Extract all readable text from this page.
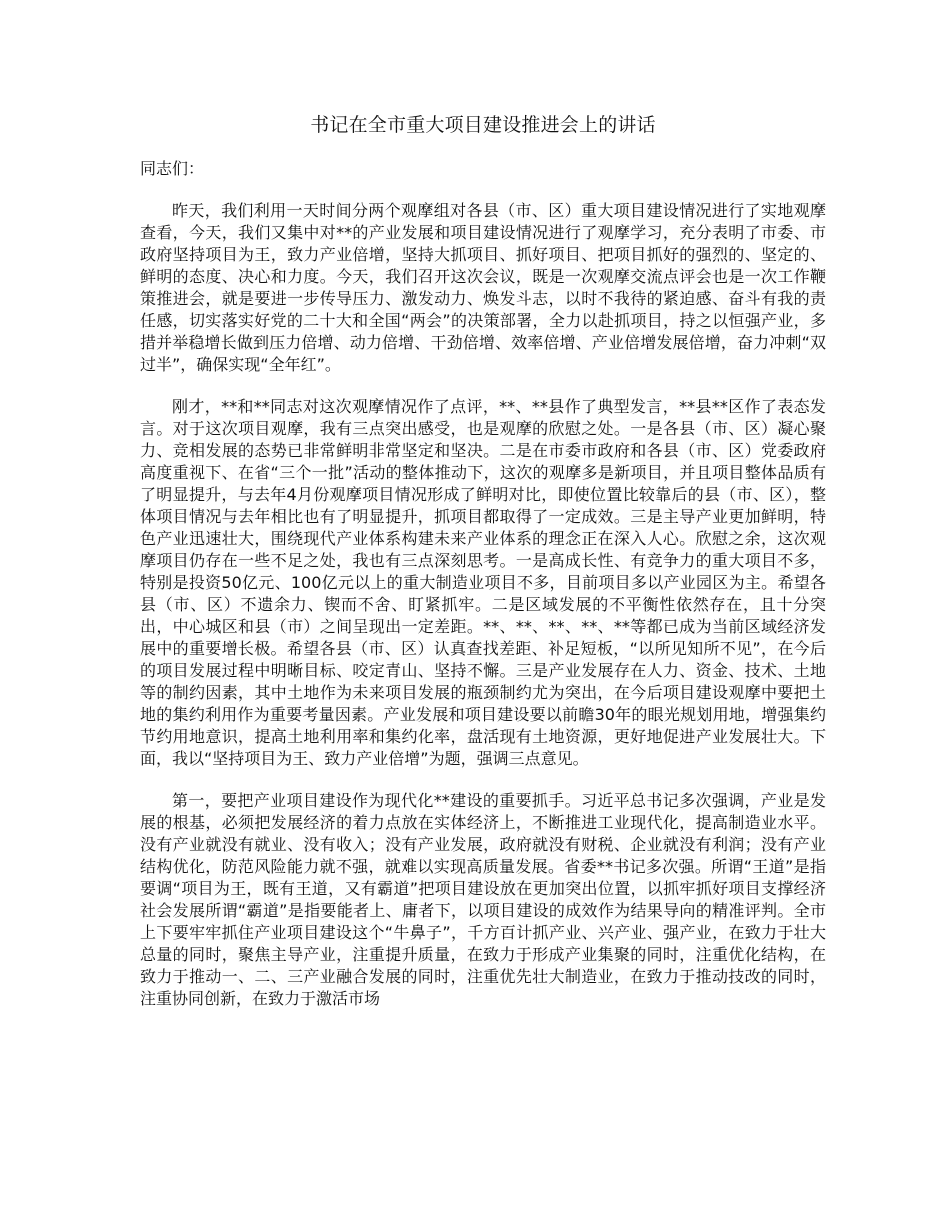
书记在全市重大项目建设推进会上的讲话

同志们：

昨天，我们利用一天时间分两个观摩组对各县（市、区）重大项目建设情况进行了实地观摩查看，今天，我们又集中对**的产业发展和项目建设情况进行了观摩学习，充分表明了市委、市政府坚持项目为王，致力产业倍增，坚持大抓项目、抓好项目、把项目抓好的强烈的、坚定的、鲜明的态度、决心和力度。今天，我们召开这次会议，既是一次观摩交流点评会也是一次工作鞭策推进会，就是要进一步传导压力、激发动力、焕发斗志，以时不我待的紧迫感、奋斗有我的责任感，切实落实好党的二十大和全国“两会”的决策部署，全力以赴抓项目，持之以恒强产业，多措并举稳增长做到压力倍增、动力倍增、干劲倍增、效率倍增、产业倍增发展倍增，奋力冲刺“双过半”，确保实现“全年红”。

刚才，**和**同志对这次观摩情况作了点评，**、**县作了典型发言，**县**区作了表态发言。对于这次项目观摩，我有三点突出感受，也是观摩的欣慰之处。一是各县（市、区）凝心聚力、竞相发展的态势已非常鲜明非常坚定和坚决。二是在市委市政府和各县（市、区）党委政府高度重视下、在省“三个一批”活动的整体推动下，这次的观摩多是新项目，并且项目整体品质有了明显提升，与去年4月份观摩项目情况形成了鲜明对比，即使位置比较靠后的县（市、区），整体项目情况与去年相比也有了明显提升，抓项目都取得了一定成效。三是主导产业更加鲜明，特色产业迅速壮大，围绕现代产业体系构建未来产业体系的理念正在深入人心。欣慰之余，这次观摩项目仍存在一些不足之处，我也有三点深刻思考。一是高成长性、有竞争力的重大项目不多，特别是投资50亿元、100亿元以上的重大制造业项目不多，目前项目多以产业园区为主。希望各县（市、区）不遗余力、锲而不舍、盯紧抓牢。二是区域发展的不平衡性依然存在，且十分突出，中心城区和县（市）之间呈现出一定差距。**、**、**、**、**等都已成为当前区域经济发展中的重要增长极。希望各县（市、区）认真查找差距、补足短板，“以所见知所不见”，在今后的项目发展过程中明晰目标、咬定青山、坚持不懈。三是产业发展存在人力、资金、技术、土地等的制约因素，其中土地作为未来项目发展的瓶颈制约尤为突出，在今后项目建设观摩中要把土地的集约利用作为重要考量因素。产业发展和项目建设要以前瞻30年的眼光规划用地，增强集约节约用地意识，提高土地利用率和集约化率，盘活现有土地资源，更好地促进产业发展壮大。下面，我以“坚持项目为王、致力产业倍增”为题，强调三点意见。

第一，要把产业项目建设作为现代化**建设的重要抓手。习近平总书记多次强调，产业是发展的根基，必须把发展经济的着力点放在实体经济上，不断推进工业现代化，提高制造业水平。没有产业就没有就业、没有收入；没有产业发展，政府就没有财税、企业就没有利润；没有产业结构优化，防范风险能力就不强，就难以实现高质量发展。省委**书记多次强。所谓“王道”是指要调“项目为王，既有王道，又有霸道”把项目建设放在更加突出位置，以抓牢抓好项目支撑经济社会发展所谓“霸道”是指要能者上、庸者下，以项目建设的成效作为结果导向的精准评判。全市上下要牢牢抓住产业项目建设这个“牛鼻子”，千方百计抓产业、兴产业、强产业，在致力于壮大总量的同时，聚焦主导产业，注重提升质量，在致力于形成产业集聚的同时，注重优化结构，在致力于推动一、二、三产业融合发展的同时，注重优先壮大制造业，在致力于推动技改的同时，注重协同创新，在致力于激活市场
